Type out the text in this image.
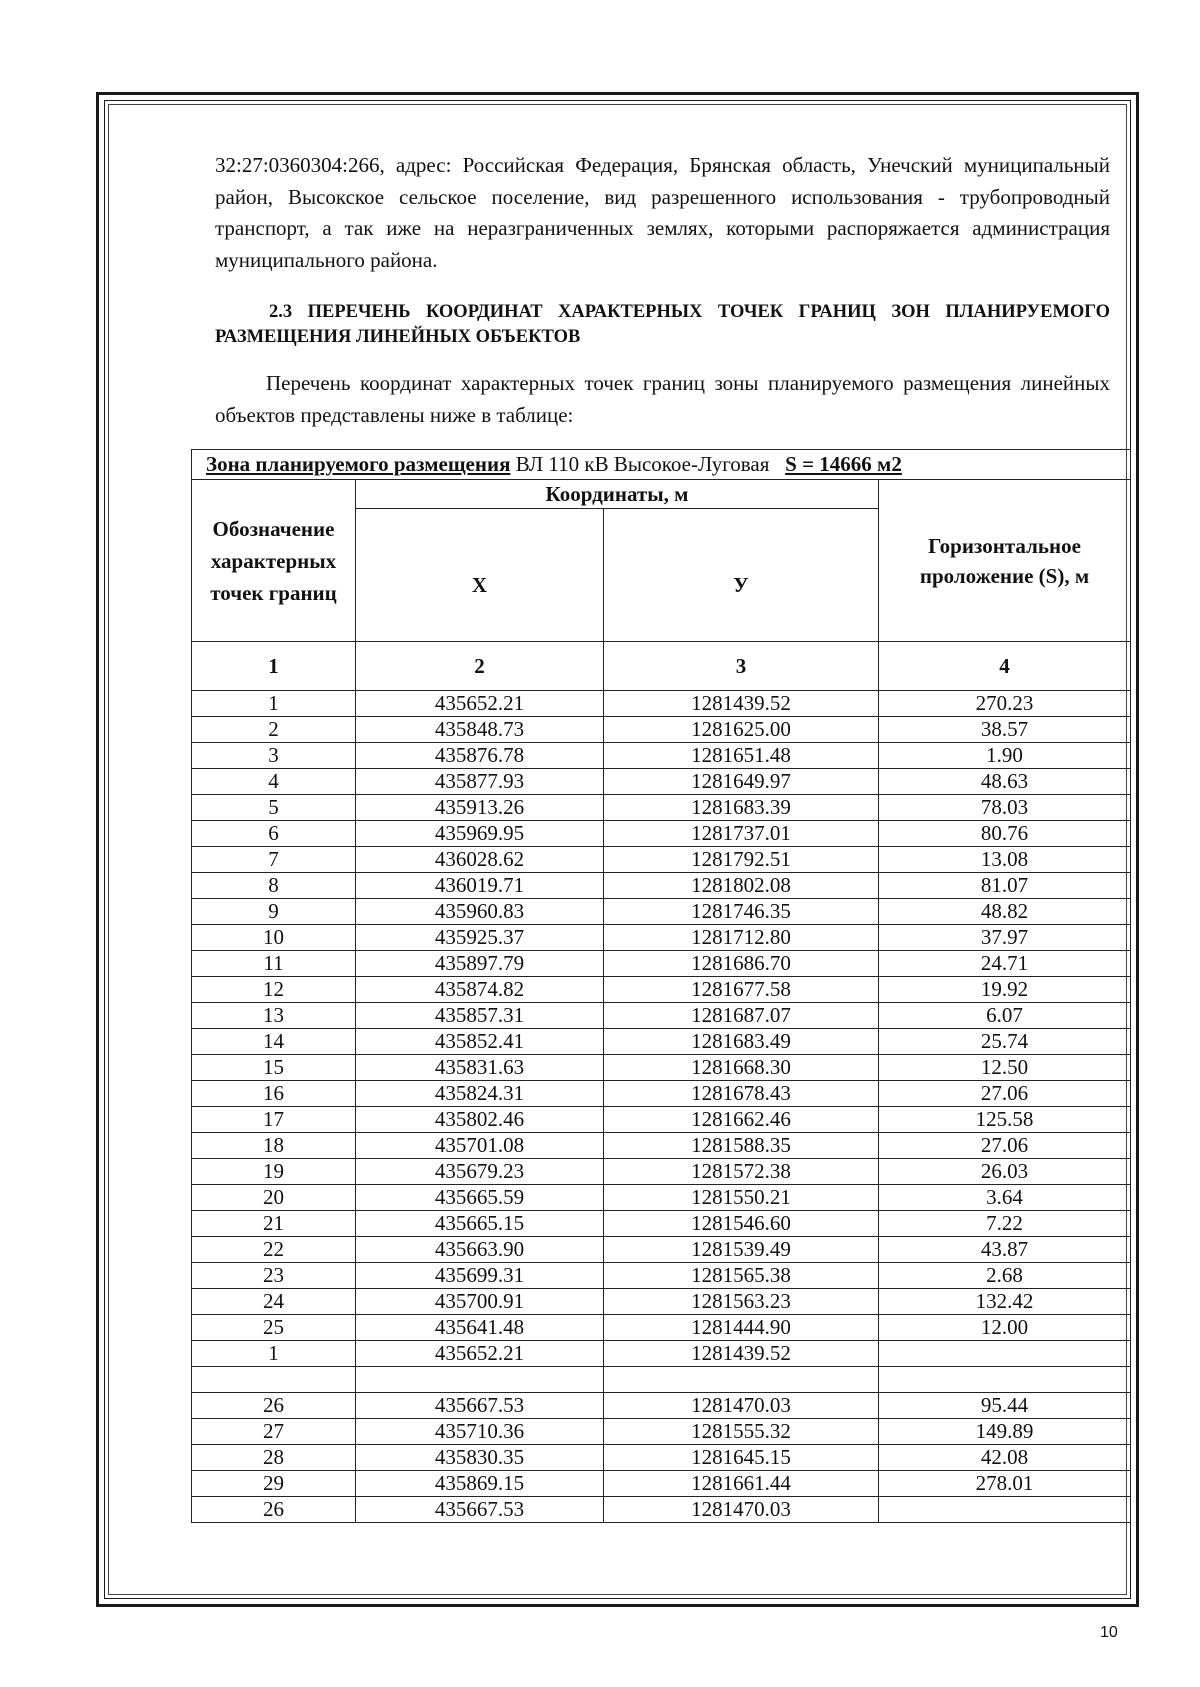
32:27:0360304:266, адрес: Российская Федерация, Брянская область, Унечский муниципальный район, Высокское сельское поселение, вид разрешенного использования - трубопроводный транспорт, а так иже на неразграниченных землях, которыми распоряжается администрация муниципального района.

2.3 ПЕРЕЧЕНЬ КООРДИНАТ ХАРАКТЕРНЫХ ТОЧЕК ГРАНИЦ ЗОН ПЛАНИРУЕМОГО РАЗМЕЩЕНИЯ ЛИНЕЙНЫХ ОБЪЕКТОВ

Перечень координат характерных точек границ зоны планируемого размещения линейных объектов представлены ниже в таблице:

Зона планируемого размещения ВЛ 110 кВ Высокое-Луговая S = 14666 м2			
Обозначение характерных точек границ	Координаты, м		Горизонтальное проложение (S), м
	Х	У	
1	2	3	4
1	435652.21	1281439.52	270.23
2	435848.73	1281625.00	38.57
3	435876.78	1281651.48	1.90
4	435877.93	1281649.97	48.63
5	435913.26	1281683.39	78.03
6	435969.95	1281737.01	80.76
7	436028.62	1281792.51	13.08
8	436019.71	1281802.08	81.07
9	435960.83	1281746.35	48.82
10	435925.37	1281712.80	37.97
11	435897.79	1281686.70	24.71
12	435874.82	1281677.58	19.92
13	435857.31	1281687.07	6.07
14	435852.41	1281683.49	25.74
15	435831.63	1281668.30	12.50
16	435824.31	1281678.43	27.06
17	435802.46	1281662.46	125.58
18	435701.08	1281588.35	27.06
19	435679.23	1281572.38	26.03
20	435665.59	1281550.21	3.64
21	435665.15	1281546.60	7.22
22	435663.90	1281539.49	43.87
23	435699.31	1281565.38	2.68
24	435700.91	1281563.23	132.42
25	435641.48	1281444.90	12.00
1	435652.21	1281439.52	

26	435667.53	1281470.03	95.44
27	435710.36	1281555.32	149.89
28	435830.35	1281645.15	42.08
29	435869.15	1281661.44	278.01
26	435667.53	1281470.03	
10
